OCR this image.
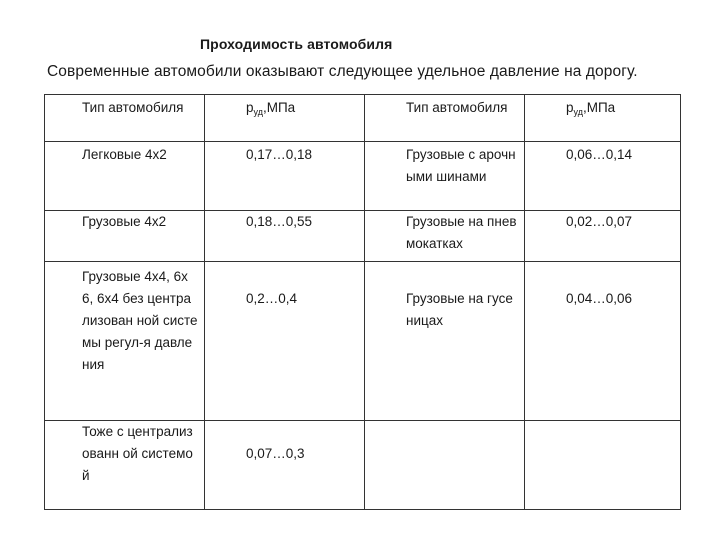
Проходимость автомобиля
Современные автомобили оказывают следующее удельное давление на дорогу.
Тип автомобиля	$p_{уд},МПа$	Тип автомобиля	$p_{уд},МПа$
Легковые 4х2	0,17…0,18	Грузовые с арочными шинами	0,06…0,14
Грузовые 4х2	0,18…0,55	Грузовые на пневмокатках	0,02…0,07
Грузовые 4х4, 6х6, 6х4 без централизован ной системы регул-я давления	0,2…0,4	Грузовые на гусеницах	0,04…0,06
Тоже с централизованн ой системой	0,07…0,3		
